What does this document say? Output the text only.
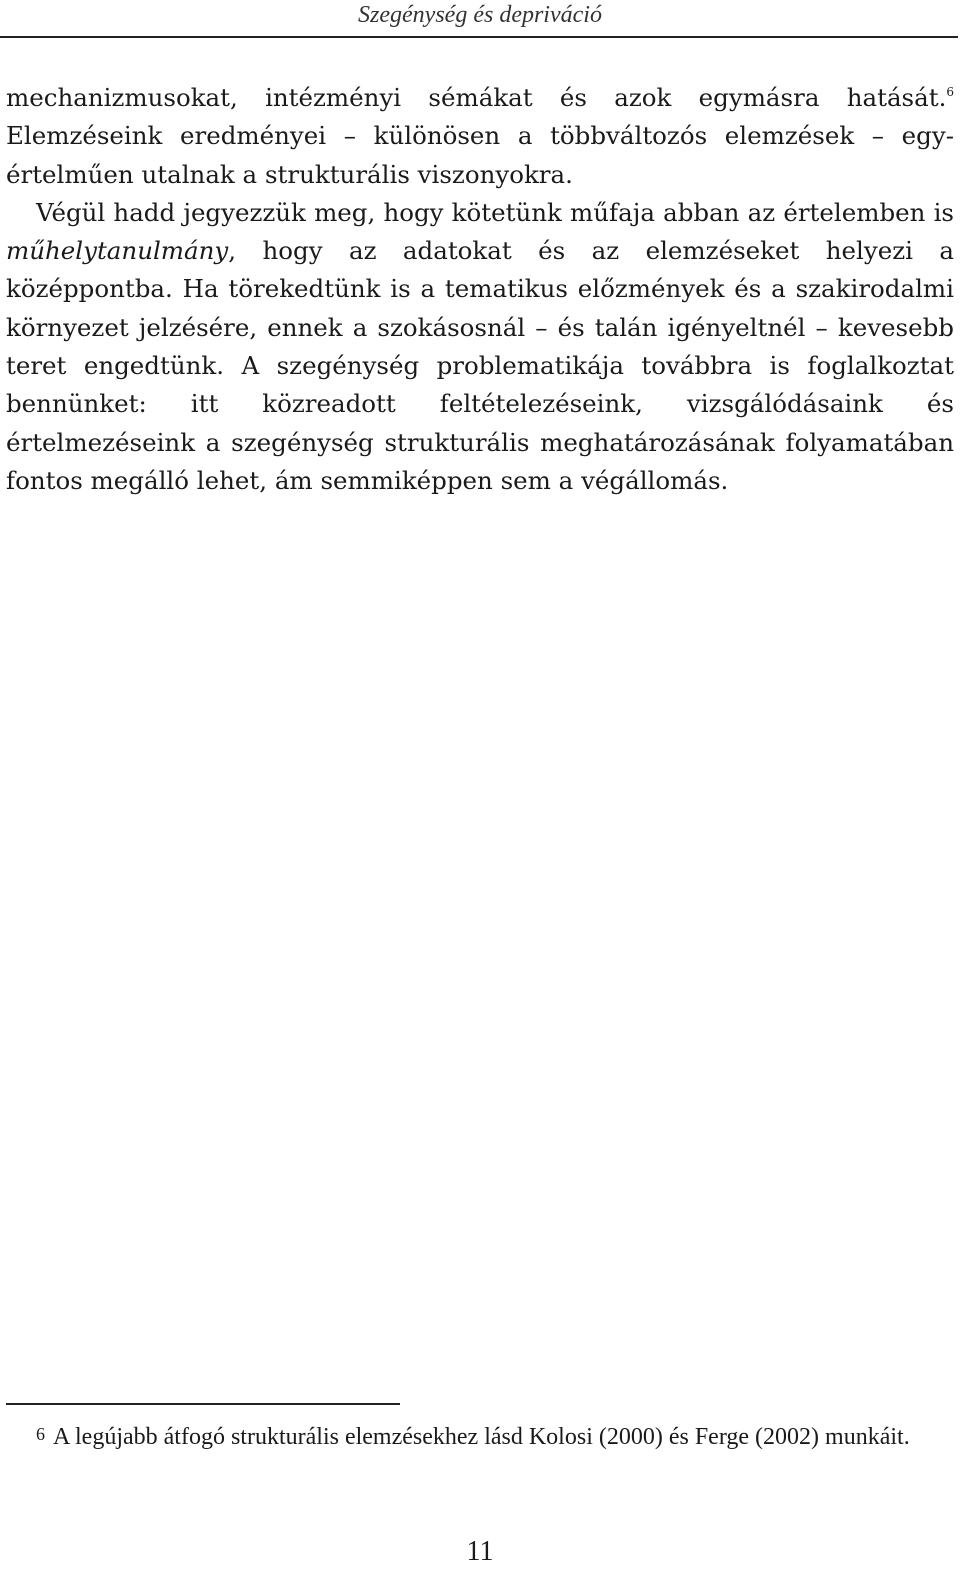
Szegénység és depriváció

mechanizmusokat, intézményi sémákat és azok egymásra hatását.$^6$ Elemzéseink eredményei – különösen a többváltozós elemzések – egyértelműen utalnak a strukturális viszonyokra.

Végül hadd jegyezzük meg, hogy kötetünk műfaja abban az értelemben is műhelytanulmány, hogy az adatokat és az elemzéseket helyezi a középpontba. Ha törekedtünk is a tematikus előzmények és a szakirodalmi környezet jelzésére, ennek a szokásosnál – és talán igényeltnél – kevesebb teret engedtünk. A szegénység problematikája továbbra is foglalkoztat bennünket: itt közreadott feltételezéseink, vizsgálódásaink és értelmezéseink a szegénység strukturális meghatározásának folyamatában fontos megálló lehet, ám semmiképpen sem a végállomás.

6 A legújabb átfogó strukturális elemzésekhez lásd Kolosi (2000) és Ferge (2002) munkáit.

11
